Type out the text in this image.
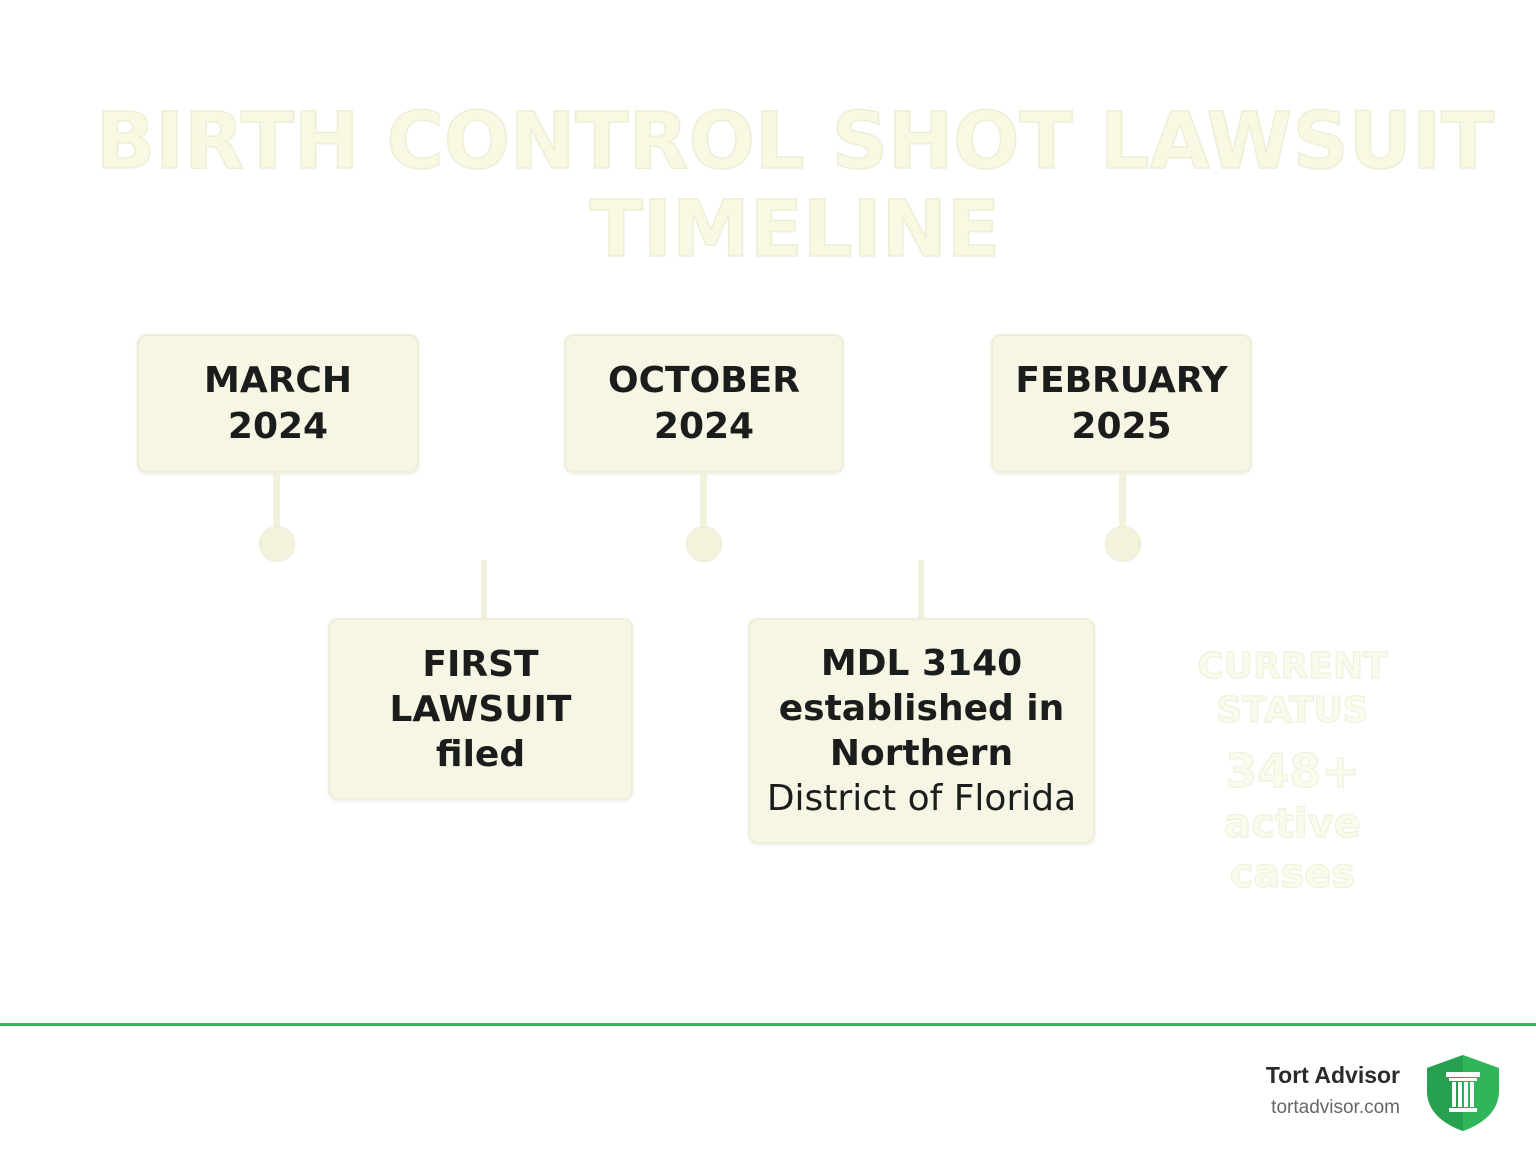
BIRTH CONTROL SHOT LAWSUIT
TIMELINE
MARCH
2024
OCTOBER
2024
FEBRUARY
2025
FIRST
LAWSUIT
filed
MDL 3140
established in
Northern
District of Florida
CURRENT
STATUS
348+
active
cases
Tort Advisor
tortadvisor.com
